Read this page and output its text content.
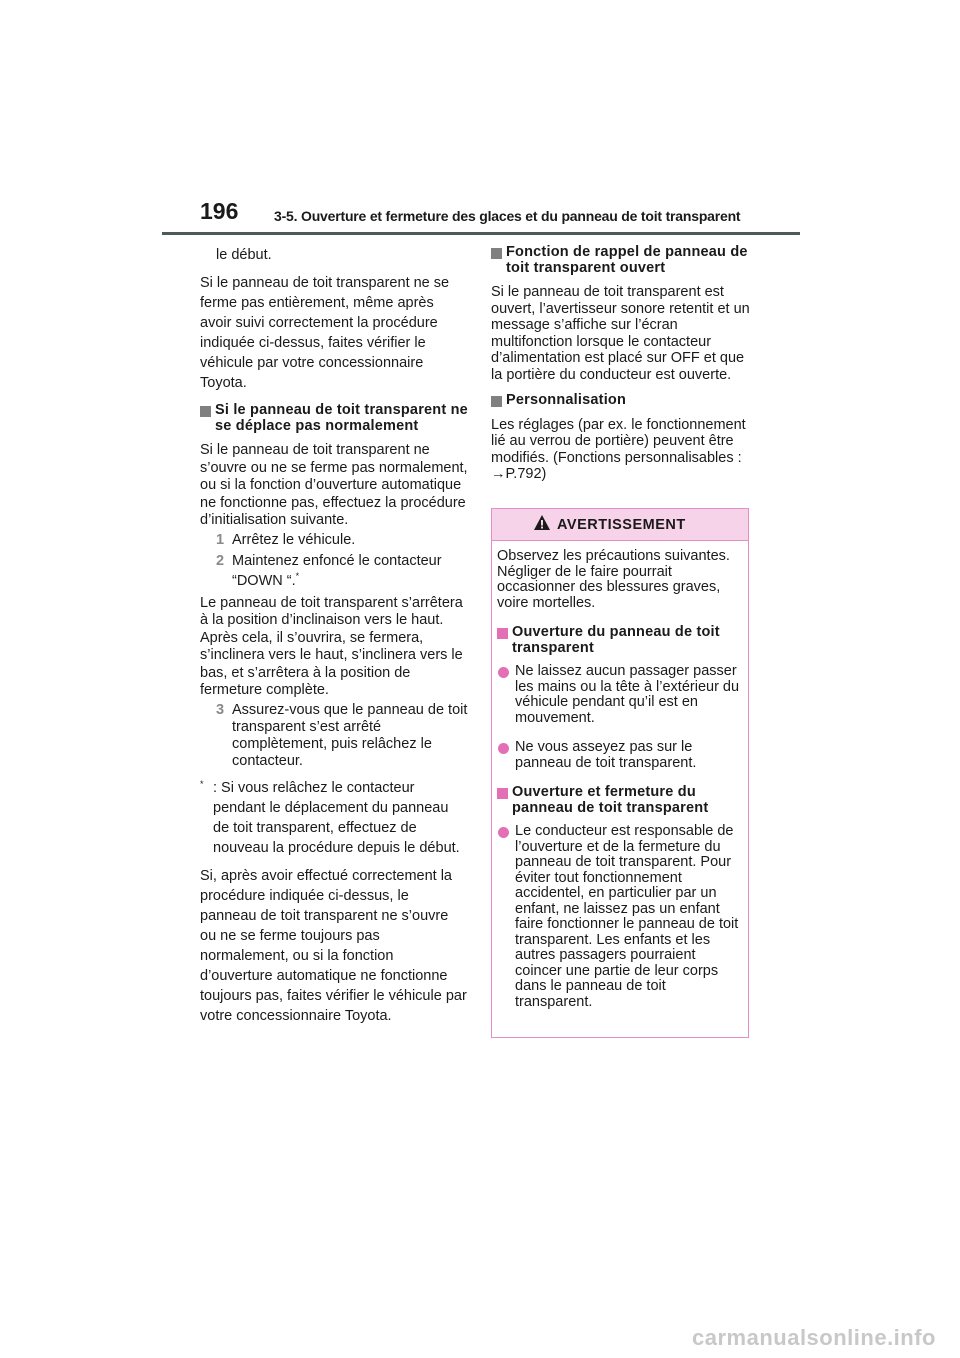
196	3-5. Ouverture et fermeture des glaces et du panneau de toit transparent

le début.

Si le panneau de toit transparent ne se ferme pas entièrement, même après avoir suivi correctement la procédure indiquée ci-dessus, faites vérifier le véhicule par votre concessionnaire Toyota.

Si le panneau de toit transparent ne se déplace pas normalement

Si le panneau de toit transparent ne s’ouvre ou ne se ferme pas normalement, ou si la fonction d’ouverture automatique ne fonctionne pas, effectuez la procédure d’initialisation suivante.

1 Arrêtez le véhicule.
2 Maintenez enfoncé le contacteur “DOWN “.*

Le panneau de toit transparent s’arrêtera à la position d’inclinaison vers le haut. Après cela, il s’ouvrira, se fermera, s’inclinera vers le haut, s’inclinera vers le bas, et s’arrêtera à la position de fermeture complète.

3 Assurez-vous que le panneau de toit transparent s’est arrêté complètement, puis relâchez le contacteur.
* : Si vous relâchez le contacteur pendant le déplacement du panneau de toit transparent, effectuez de nouveau la procédure depuis le début.

Si, après avoir effectué correctement la procédure indiquée ci-dessus, le panneau de toit transparent ne s’ouvre ou ne se ferme toujours pas normalement, ou si la fonction d’ouverture automatique ne fonctionne toujours pas, faites vérifier le véhicule par votre concessionnaire Toyota.

Fonction de rappel de panneau de toit transparent ouvert

Si le panneau de toit transparent est ouvert, l’avertisseur sonore retentit et un message s’affiche sur l’écran multifonction lorsque le contacteur d’alimentation est placé sur OFF et que la portière du conducteur est ouverte.

Personnalisation

Les réglages (par ex. le fonctionnement lié au verrou de portière) peuvent être modifiés. (Fonctions personnalisables : →P.792)

AVERTISSEMENT

Observez les précautions suivantes. Négliger de le faire pourrait occasionner des blessures graves, voire mortelles.

Ouverture du panneau de toit transparent
Ne laissez aucun passager passer les mains ou la tête à l’extérieur du véhicule pendant qu’il est en mouvement.
Ne vous asseyez pas sur le panneau de toit transparent.
Ouverture et fermeture du panneau de toit transparent
Le conducteur est responsable de l’ouverture et de la fermeture du panneau de toit transparent. Pour éviter tout fonctionnement accidentel, en particulier par un enfant, ne laissez pas un enfant faire fonctionner le panneau de toit transparent. Les enfants et les autres passagers pourraient coincer une partie de leur corps dans le panneau de toit transparent.
carmanualsonline.info
